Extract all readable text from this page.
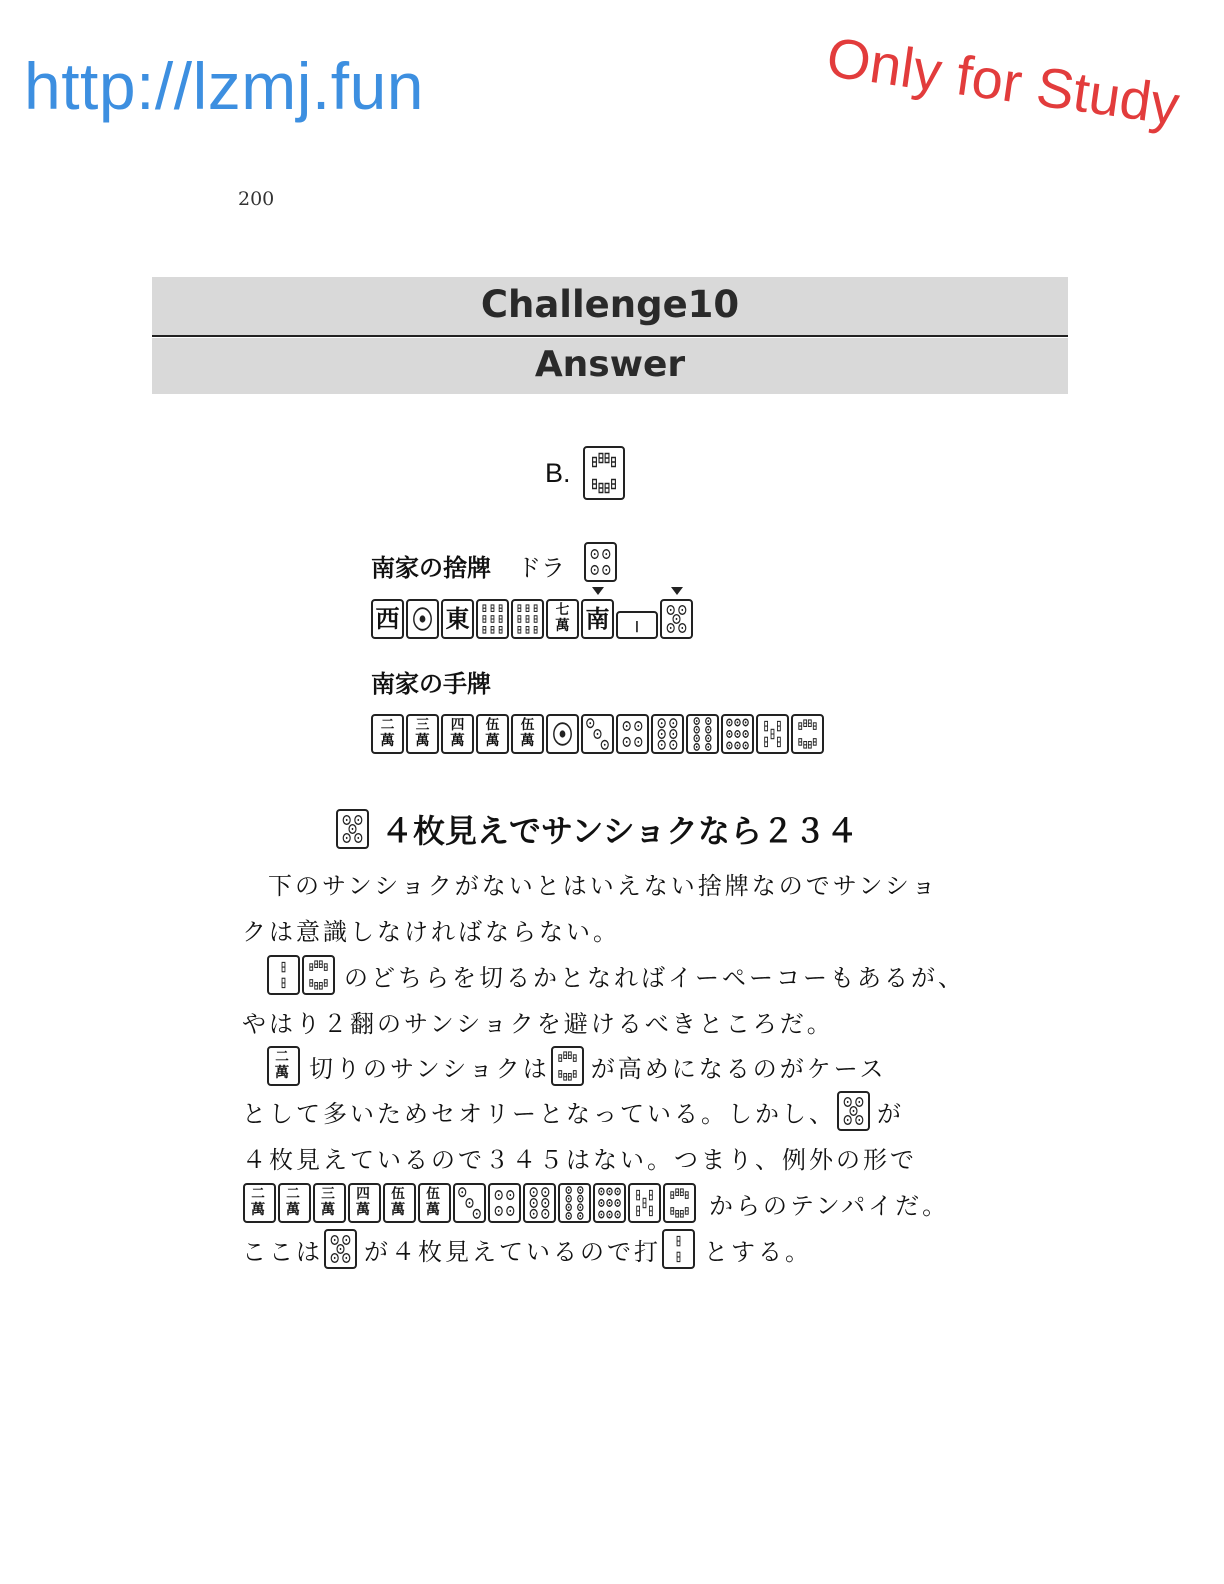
http://lzmj.fun	Only for Study
200
Challenge10
Answer
B.
南家の捨牌 ドラ
西 東	七
萬 南 |
南家の手牌
二
萬
三
萬
四
萬
伍
萬
伍
萬
４枚見えでサンショクなら２３４
下のサンショクがないとはいえない捨牌なのでサンショ
クは意識しなければならない。
のどちらを切るかとなればイーペーコーもあるが、
やはり２翻のサンショクを避けるべきところだ。
二
萬 切りのサンショクは が高めになるのがケース
として多いためセオリーとなっている。しかし、 が
４枚見えているので３４５はない。つまり、例外の形で
二
萬
二
萬
三
萬
四
萬
伍
萬
伍
萬	からのテンパイだ。
ここは が４枚見えているので打 とする。
